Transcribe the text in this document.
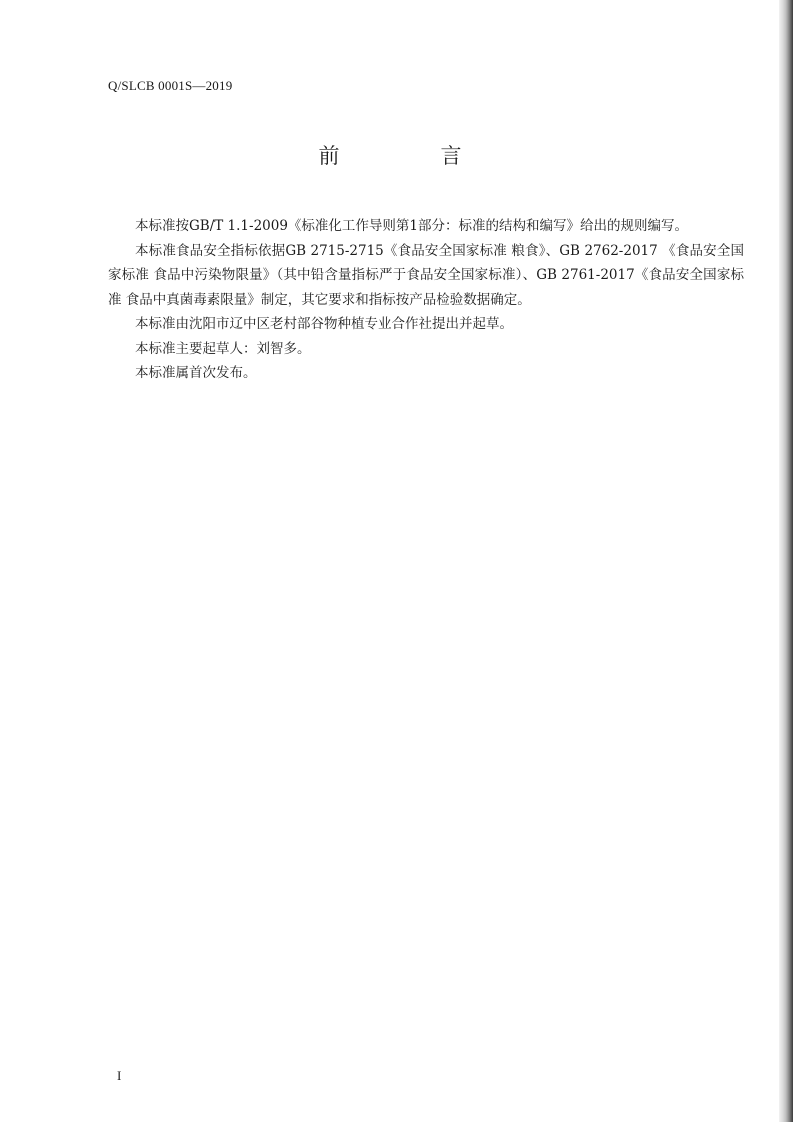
Q/SLCB 0001S—2019
前　言

本标准按GB/T 1.1-2009《标准化工作导则第1部分：标准的结构和编写》给出的规则编写。

本标准食品安全指标依据GB 2715-2715《食品安全国家标准 粮食》、GB 2762-2017 《食品安全国家标准 食品中污染物限量》（其中铅含量指标严于食品安全国家标准）、GB 2761-2017《食品安全国家标准 食品中真菌毒素限量》制定，其它要求和指标按产品检验数据确定。

本标准由沈阳市辽中区老村部谷物种植专业合作社提出并起草。

本标准主要起草人：刘智多。

本标准属首次发布。

I
